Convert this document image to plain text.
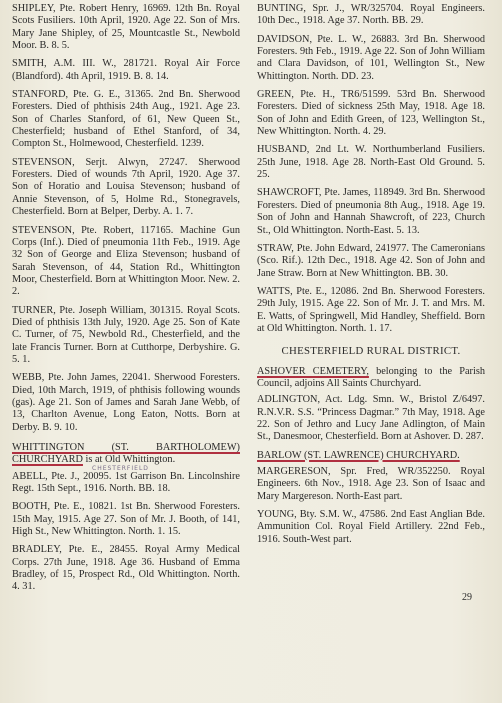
SHIPLEY, Pte. Robert Henry, 16969. 12th Bn. Royal Scots Fusiliers. 10th April, 1920. Age 22. Son of Mrs. Mary Jane Shipley, of 25, Mountcastle St., Newbold Moor. B. 8. 5.

SMITH, A.M. III. W., 281721. Royal Air Force (Blandford). 4th April, 1919. B. 8. 14.

STANFORD, Pte. G. E., 31365. 2nd Bn. Sherwood Foresters. Died of phthisis 24th Aug., 1921. Age 23. Son of Charles Stanford, of 61, New Queen St., Chesterfield; husband of Ethel Stanford, of 34, Compton St., Holmewood, Chesterfield. 1239.

STEVENSON, Serjt. Alwyn, 27247. Sherwood Foresters. Died of wounds 7th April, 1920. Age 37. Son of Horatio and Louisa Stevenson; husband of Annie Stevenson, of 5, Holme Rd., Stonegravels, Chesterfield. Born at Belper, Derby. A. 1. 7.

STEVENSON, Pte. Robert, 117165. Machine Gun Corps (Inf.). Died of pneumonia 11th Feb., 1919. Age 32 Son of George and Eliza Stevenson; husband of Sarah Stevenson, of 44, Station Rd., Whittington Moor, Chesterfield. Born at Whittington Moor. New. 2. 2.

TURNER, Pte. Joseph William, 301315. Royal Scots. Died of phthisis 13th July, 1920. Age 25. Son of Kate C. Turner, of 75, Newbold Rd., Chesterfield, and the late Francis Turner. Born at Cutthorpe, Derbyshire. G. 5. 1.

WEBB, Pte. John James, 22041. Sherwood Foresters. Died, 10th March, 1919, of phthisis following wounds (gas). Age 21. Son of James and Sarah Jane Webb, of 13, Charlton Avenue, Long Eaton, Notts. Born at Derby. B. 9. 10.

WHITTINGTON (ST. BARTHOLOMEW) CHURCHYARD is at Old Whittington.
CHESTERFIELD

ABELL, Pte. J., 20095. 1st Garrison Bn. Lincolnshire Regt. 15th Sept., 1916. North. BB. 18.

BOOTH, Pte. E., 10821. 1st Bn. Sherwood Foresters. 15th May, 1915. Age 27. Son of Mr. J. Booth, of 141, High St., New Whittington. North. 1. 15.

BRADLEY, Pte. E., 28455. Royal Army Medical Corps. 27th June, 1918. Age 36. Husband of Emma Bradley, of 15, Prospect Rd., Old Whittington. North. 4. 31.

BUNTING, Spr. J., WR/325704. Royal Engineers. 10th Dec., 1918. Age 37. North. BB. 29.

DAVIDSON, Pte. L. W., 26883. 3rd Bn. Sherwood Foresters. 9th Feb., 1919. Age 22. Son of John William and Clara Davidson, of 101, Wellington St., New Whittington. North. DD. 23.

GREEN, Pte. H., TR6/51599. 53rd Bn. Sherwood Foresters. Died of sickness 25th May, 1918. Age 18. Son of John and Edith Green, of 123, Wellington St., New Whittington. North. 4. 29.

HUSBAND, 2nd Lt. W. Northumberland Fusiliers. 25th June, 1918. Age 28. North-East Old Ground. 5. 25.

SHAWCROFT, Pte. James, 118949. 3rd Bn. Sherwood Foresters. Died of pneumonia 8th Aug., 1918. Age 19. Son of John and Hannah Shawcroft, of 223, Church St., Old Whittington. North-East. 5. 13.

STRAW, Pte. John Edward, 241977. The Cameronians (Sco. Rif.). 12th Dec., 1918. Age 42. Son of John and Jane Straw. Born at New Whittington. BB. 30.

WATTS, Pte. E., 12086. 2nd Bn. Sherwood Foresters. 29th July, 1915. Age 22. Son of Mr. J. T. and Mrs. M. E. Watts, of Springwell, Mid Handley, Sheffield. Born at Old Whittington. North. 1. 17.

CHESTERFIELD RURAL DISTRICT.
ASHOVER CEMETERY, belonging to the Parish Council, adjoins All Saints Churchyard.

ADLINGTON, Act. Ldg. Smn. W., Bristol Z/6497. R.N.V.R. S.S. “Princess Dagmar.” 7th May, 1918. Age 22. Son of Jethro and Lucy Jane Adlington, of Main St., Danesmoor, Chesterfield. Born at Ashover. D. 287.

BARLOW (ST. LAWRENCE) CHURCHYARD.

MARGERESON, Spr. Fred, WR/352250. Royal Engineers. 6th Nov., 1918. Age 23. Son of Isaac and Mary Margereson. North-East part.

YOUNG, Bty. S.M. W., 47586. 2nd East Anglian Bde. Ammunition Col. Royal Field Artillery. 22nd Feb., 1916. South-West part.

29
